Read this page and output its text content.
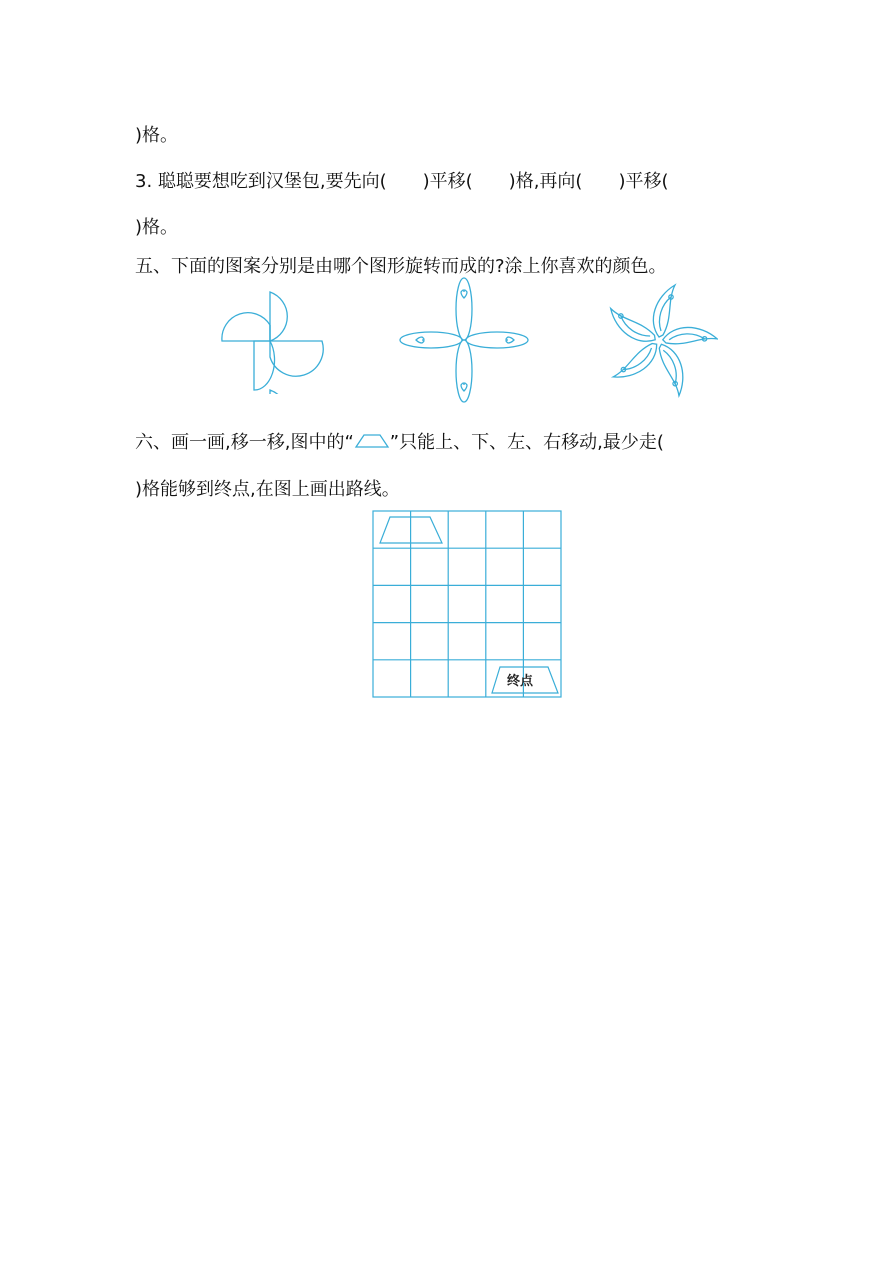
)格。
3. 聪聪要想吃到汉堡包,要先向(　　)平移(　　)格,再向(　　)平移(
)格。
五、下面的图案分别是由哪个图形旋转而成的?涂上你喜欢的颜色。
六、画一画,移一移,图中的“ ”只能上、下、左、右移动,最少走(
)格能够到终点,在图上画出路线。
终点
